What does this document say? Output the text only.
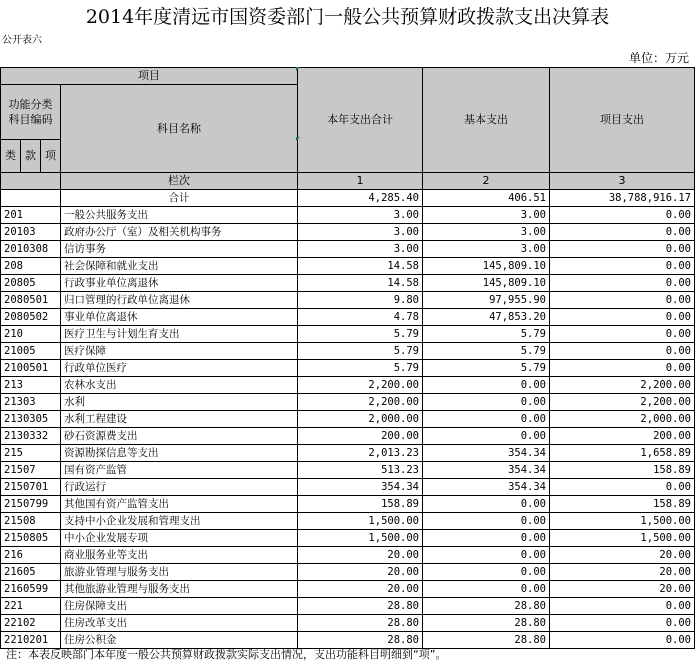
2014年度清远市国资委部门一般公共预算财政拨款支出决算表
公开表六
单位：万元
项目				本年支出合计	基本支出	项目支出
功能分类科目编码			科目名称			
类	款	项				
			栏次	1	2	3
			合计	4,285.40	406.51	38,788,916.17
201			一般公共服务支出	3.00	3.00	0.00
20103			政府办公厅（室）及相关机构事务	3.00	3.00	0.00
2010308			信访事务	3.00	3.00	0.00
208			社会保障和就业支出	14.58	145,809.10	0.00
20805			行政事业单位离退休	14.58	145,809.10	0.00
2080501			归口管理的行政单位离退休	9.80	97,955.90	0.00
2080502			事业单位离退休	4.78	47,853.20	0.00
210			医疗卫生与计划生育支出	5.79	5.79	0.00
21005			医疗保障	5.79	5.79	0.00
2100501			行政单位医疗	5.79	5.79	0.00
213			农林水支出	2,200.00	0.00	2,200.00
21303			水利	2,200.00	0.00	2,200.00
2130305			水利工程建设	2,000.00	0.00	2,000.00
2130332			砂石资源费支出	200.00	0.00	200.00
215			资源勘探信息等支出	2,013.23	354.34	1,658.89
21507			国有资产监管	513.23	354.34	158.89
2150701			行政运行	354.34	354.34	0.00
2150799			其他国有资产监管支出	158.89	0.00	158.89
21508			支持中小企业发展和管理支出	1,500.00	0.00	1,500.00
2150805			中小企业发展专项	1,500.00	0.00	1,500.00
216			商业服务业等支出	20.00	0.00	20.00
21605			旅游业管理与服务支出	20.00	0.00	20.00
2160599			其他旅游业管理与服务支出	20.00	0.00	20.00
221			住房保障支出	28.80	28.80	0.00
22102			住房改革支出	28.80	28.80	0.00
2210201			住房公积金	28.80	28.80	0.00
注：本表反映部门本年度一般公共预算财政拨款实际支出情况，支出功能科目明细到“项”。
